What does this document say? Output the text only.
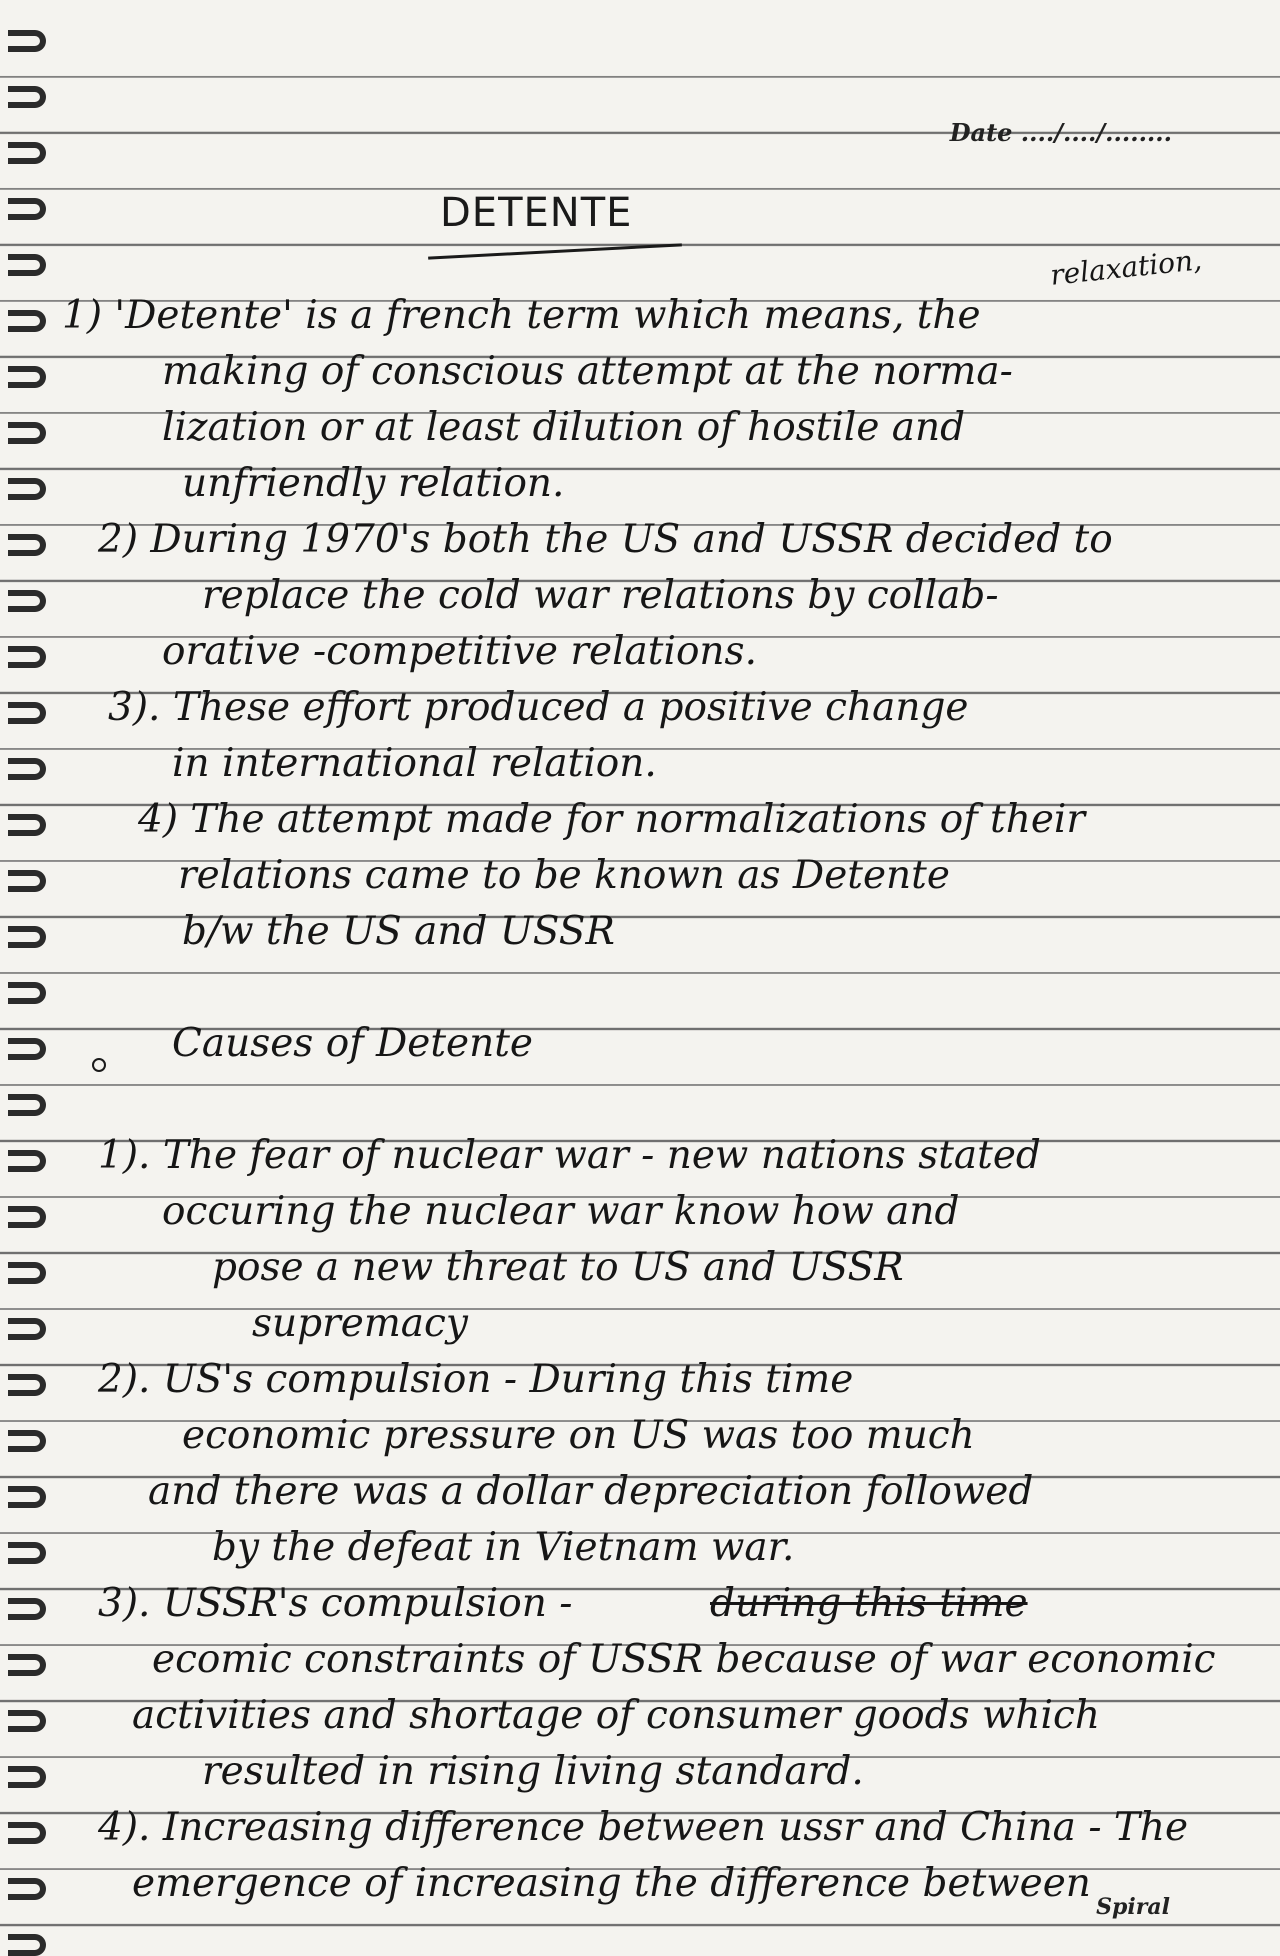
Date ..../..../........
DETENTE
relaxation,
1) 'Detente' is a french term which means, the
making of conscious attempt at the norma-
lization or at least dilution of hostile and
unfriendly relation.
2) During 1970's both the US and USSR decided to
replace the cold war relations by collab-
orative -competitive relations.
3). These effort produced a positive change
in international relation.
4) The attempt made for normalizations of their
relations came to be known as Detente
b/w the US and USSR
Causes of Detente
1). The fear of nuclear war - new nations stated
occuring the nuclear war know how and
pose a new threat to US and USSR
supremacy
2). US's compulsion - During this time
economic pressure on US was too much
and there was a dollar depreciation followed
by the defeat in Vietnam war.
3). USSR's compulsion -	during this time
ecomic constraints of USSR because of war economic
activities and shortage of consumer goods which
resulted in rising living standard.
4). Increasing difference between ussr and China - The
emergence of increasing the difference between
Spiral
